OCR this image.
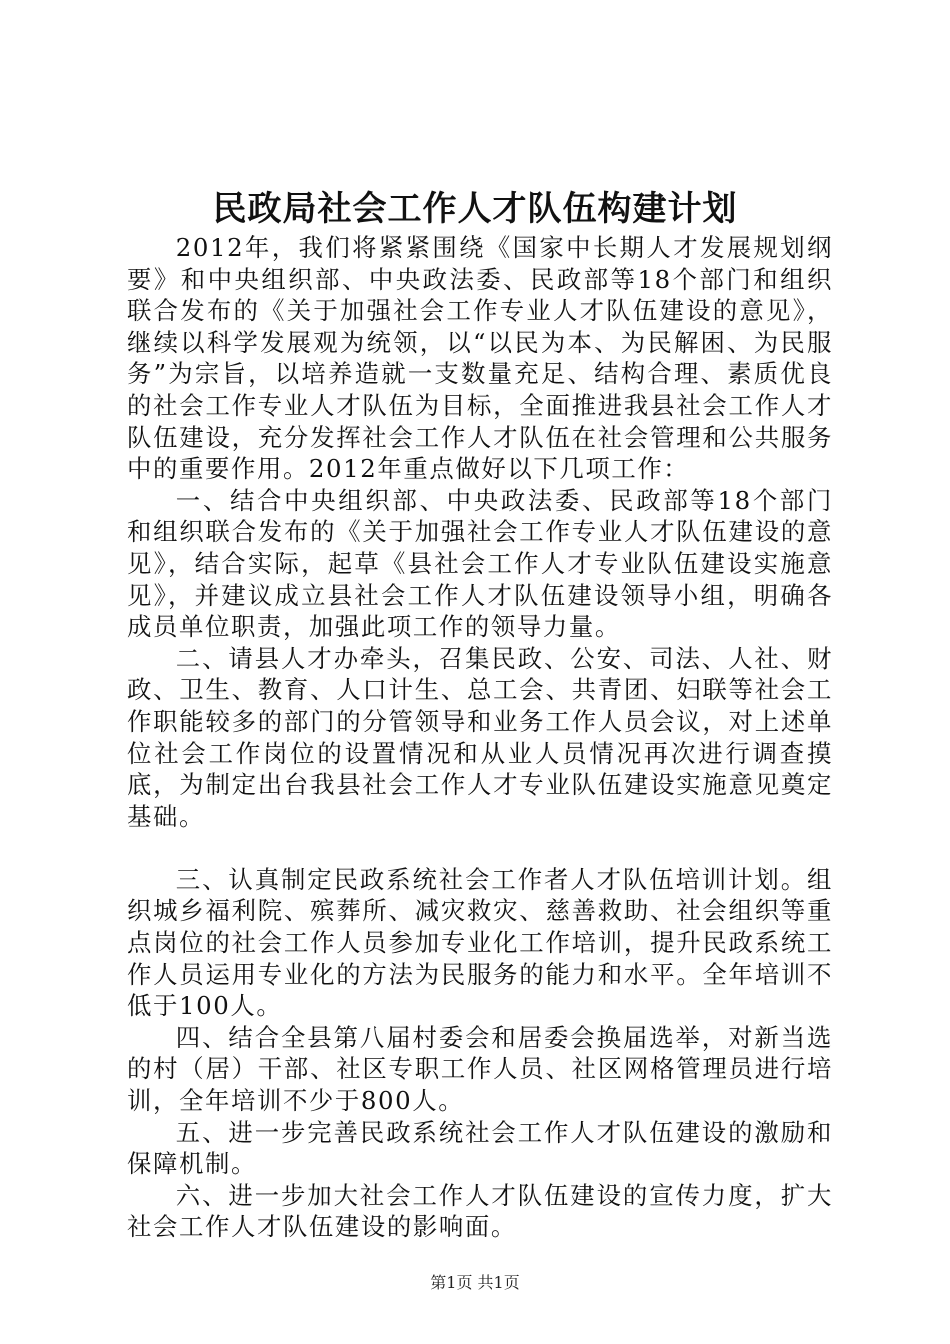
民政局社会工作人才队伍构建计划

2012年，我们将紧紧围绕《国家中长期人才发展规划纲要》和中央组织部、中央政法委、民政部等18个部门和组织联合发布的《关于加强社会工作专业人才队伍建设的意见》，继续以科学发展观为统领，以“以民为本、为民解困、为民服务”为宗旨，以培养造就一支数量充足、结构合理、素质优良的社会工作专业人才队伍为目标，全面推进我县社会工作人才队伍建设，充分发挥社会工作人才队伍在社会管理和公共服务中的重要作用。2012年重点做好以下几项工作：

一、结合中央组织部、中央政法委、民政部等18个部门和组织联合发布的《关于加强社会工作专业人才队伍建设的意见》，结合实际，起草《县社会工作人才专业队伍建设实施意见》，并建议成立县社会工作人才队伍建设领导小组，明确各成员单位职责，加强此项工作的领导力量。

二、请县人才办牵头，召集民政、公安、司法、人社、财政、卫生、教育、人口计生、总工会、共青团、妇联等社会工作职能较多的部门的分管领导和业务工作人员会议，对上述单位社会工作岗位的设置情况和从业人员情况再次进行调查摸底，为制定出台我县社会工作人才专业队伍建设实施意见奠定基础。

三、认真制定民政系统社会工作者人才队伍培训计划。组织城乡福利院、殡葬所、减灾救灾、慈善救助、社会组织等重点岗位的社会工作人员参加专业化工作培训，提升民政系统工作人员运用专业化的方法为民服务的能力和水平。全年培训不低于100人。

四、结合全县第八届村委会和居委会换届选举，对新当选的村（居）干部、社区专职工作人员、社区网格管理员进行培训，全年培训不少于800人。

五、进一步完善民政系统社会工作人才队伍建设的激励和保障机制。

六、进一步加大社会工作人才队伍建设的宣传力度，扩大社会工作人才队伍建设的影响面。

第1页 共1页
